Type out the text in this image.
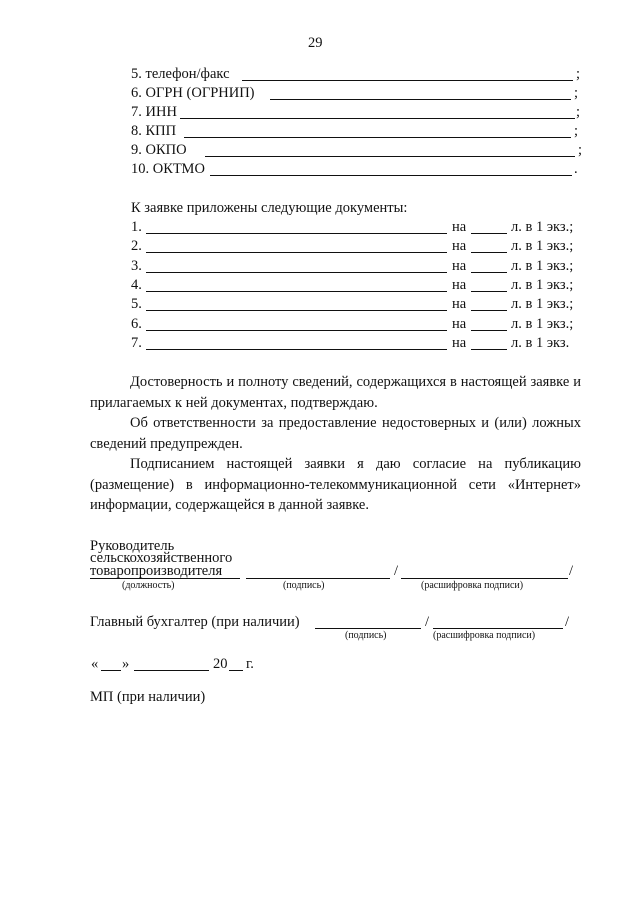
29
5. телефон/факс	;
6. ОГРН (ОГРНИП)	;
7. ИНН	;
8. КПП	;
9. ОКПО	;
10. ОКТМО	.
К заявке приложены следующие документы:
1.	на	л. в 1 экз.;
2.	на	л. в 1 экз.;
3.	на	л. в 1 экз.;
4.	на	л. в 1 экз.;
5.	на	л. в 1 экз.;
6.	на	л. в 1 экз.;
7.	на	л. в 1 экз.
Достоверность и полноту сведений, содержащихся в настоящей заявке и прилагаемых к ней документах, подтверждаю.
Об ответственности за предоставление недостоверных и (или) ложных сведений предупрежден.
Подписанием настоящей заявки я даю согласие на публикацию (размещение) в информационно-телекоммуникационной сети «Интернет» информации, содержащейся в данной заявке.
Руководитель
сельскохозяйственного
товаропроизводителя	/	/
(должность)	(подпись)	(расшифровка подписи)
Главный бухгалтер (при наличии)	/	/
(подпись)	(расшифровка подписи)
« »	20 г.
МП (при наличии)
